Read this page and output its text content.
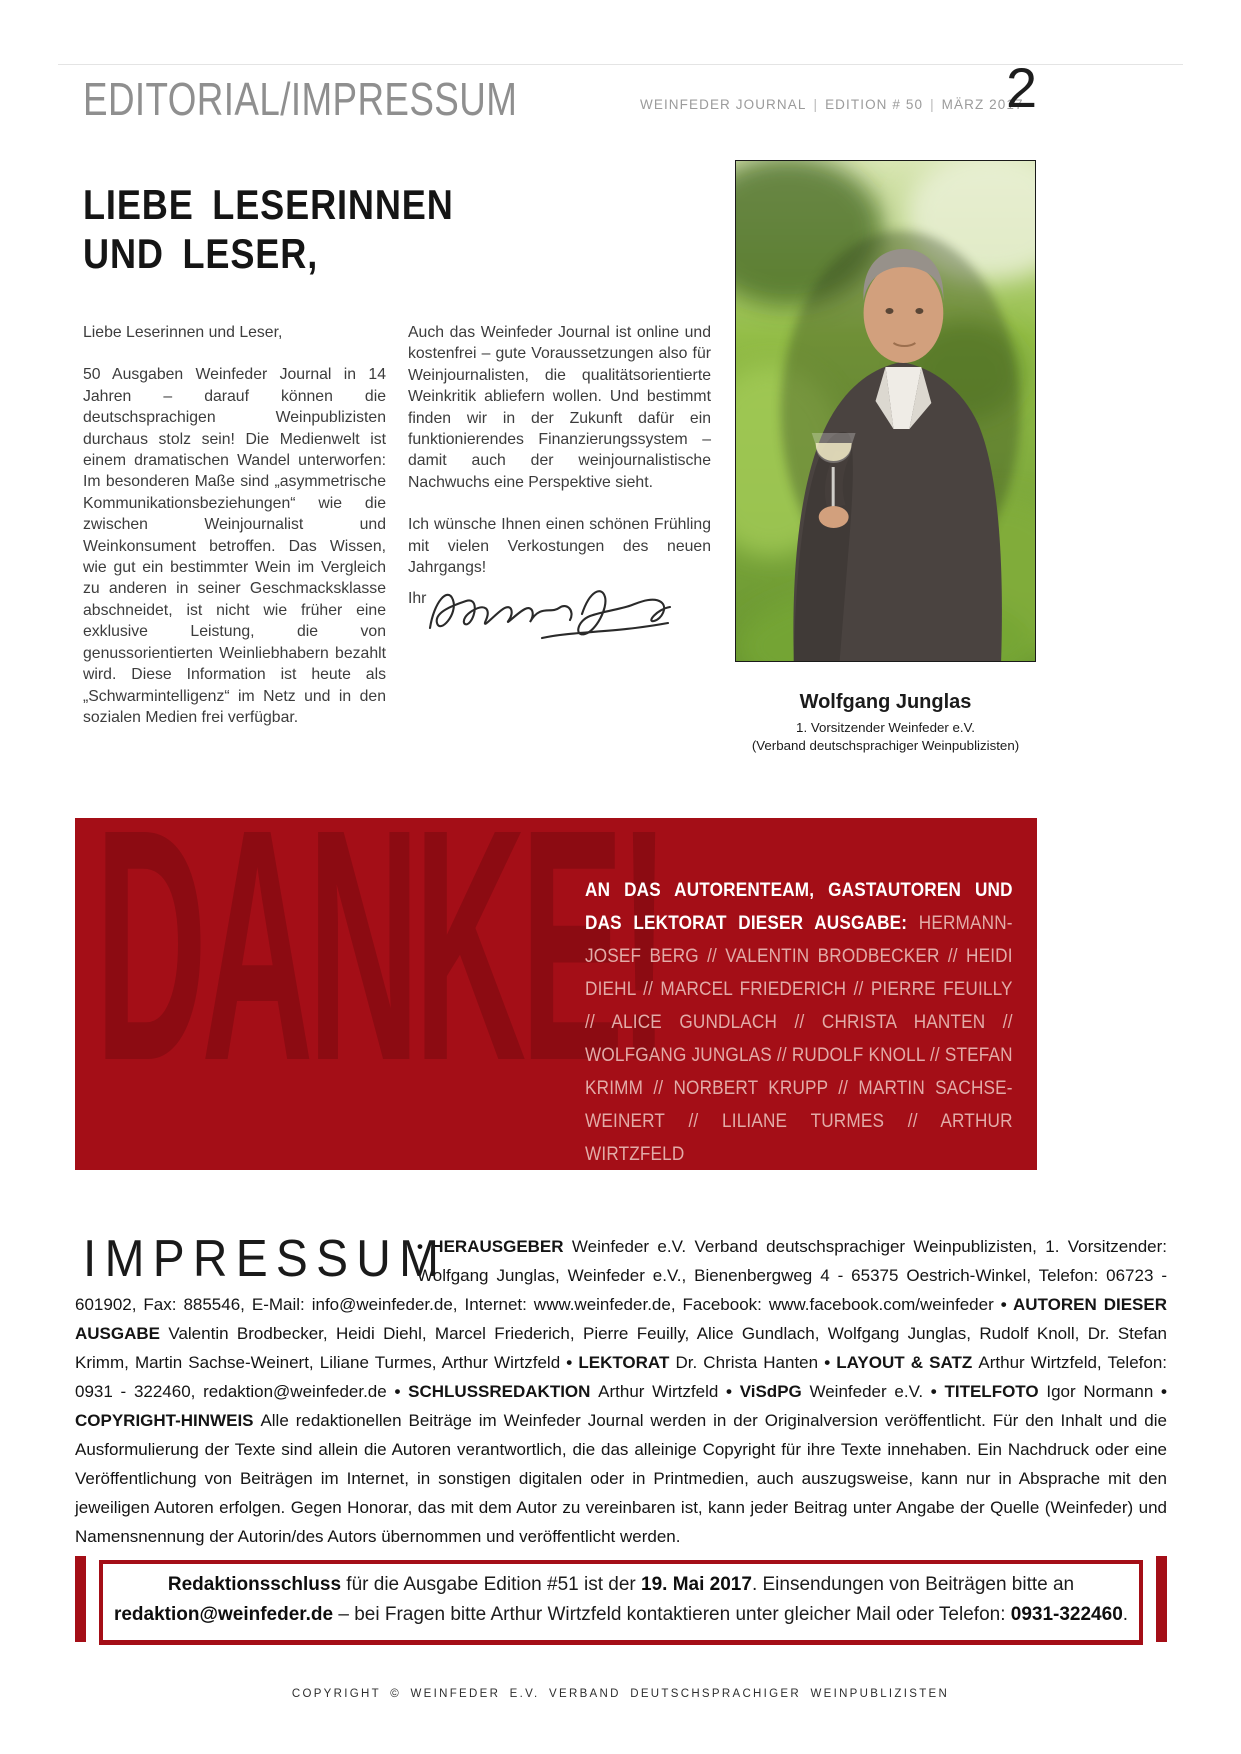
EDITORIAL/IMPRESSUM	WEINFEDER JOURNAL | EDITION # 50 | MÄRZ 2017
2
LIEBE LESERINNEN
UND LESER,

Liebe Leserinnen und Leser,

50 Ausgaben Weinfeder Journal in 14 Jahren – darauf können die deutschsprachigen Weinpublizisten durchaus stolz sein! Die Medienwelt ist einem dramatischen Wandel unterworfen: Im besonderen Maße sind „asymmetrische Kommunikationsbeziehungen“ wie die zwischen Weinjournalist und Weinkonsument betroffen. Das Wissen, wie gut ein bestimmter Wein im Vergleich zu anderen in seiner Geschmacksklasse abschneidet, ist nicht wie früher eine exklusive Leistung, die von genussorientierten Weinliebhabern bezahlt wird. Diese Information ist heute als „Schwarmintelligenz“ im Netz und in den sozialen Medien frei verfügbar.

Auch das Weinfeder Journal ist online und kostenfrei – gute Voraussetzungen also für Weinjournalisten, die qualitätsorientierte Weinkritik abliefern wollen. Und bestimmt finden wir in der Zukunft dafür ein funktionierendes Finanzierungssystem – damit auch der weinjournalistische Nachwuchs eine Perspektive sieht.

Ich wünsche Ihnen einen schönen Frühling mit vielen Verkostungen des neuen Jahrgangs!

Ihr
Wolfgang Junglas
1. Vorsitzender Weinfeder e.V.
(Verband deutschsprachiger Weinpublizisten)
DANKE!
AN DAS AUTORENTEAM, GASTAUTOREN UND DAS LEKTORAT DIESER AUSGABE: HERMANN-JOSEF BERG // VALENTIN BRODBECKER // HEIDI DIEHL // MARCEL FRIEDERICH // PIERRE FEUILLY // ALICE GUNDLACH // CHRISTA HANTEN // WOLFGANG JUNGLAS // RUDOLF KNOLL // STEFAN KRIMM // NORBERT KRUPP // MARTIN SACHSE-WEINERT // LILIANE TURMES // ARTHUR WIRTZFELD
IMPRESSUM
• HERAUSGEBER Weinfeder e.V. Verband deutschsprachiger Weinpublizisten, 1. Vorsitzender: Wolfgang Junglas, Weinfeder e.V., Bienenbergweg 4 - 65375 Oestrich-Winkel, Telefon: 06723 - 601902, Fax: 885546, E-Mail: info@weinfeder.de, Internet: www.weinfeder.de, Facebook: www.facebook.com/weinfeder • AUTOREN DIESER AUSGABE Valentin Brodbecker, Heidi Diehl, Marcel Friederich, Pierre Feuilly, Alice Gundlach, Wolfgang Junglas, Rudolf Knoll, Dr. Stefan Krimm, Martin Sachse-Weinert, Liliane Turmes, Arthur Wirtzfeld • LEKTORAT Dr. Christa Hanten • LAYOUT & SATZ Arthur Wirtzfeld, Telefon: 0931 - 322460, redaktion@weinfeder.de • SCHLUSSREDAKTION Arthur Wirtzfeld • ViSdPG Weinfeder e.V. • TITELFOTO Igor Normann • COPYRIGHT-HINWEIS Alle redaktionellen Beiträge im Weinfeder Journal werden in der Originalversion veröffentlicht. Für den Inhalt und die Ausformulierung der Texte sind allein die Autoren verantwortlich, die das alleinige Copyright für ihre Texte innehaben. Ein Nachdruck oder eine Veröffentlichung von Beiträgen im Internet, in sonstigen digitalen oder in Printmedien, auch auszugsweise, kann nur in Absprache mit den jeweiligen Autoren erfolgen. Gegen Honorar, das mit dem Autor zu vereinbaren ist, kann jeder Beitrag unter Angabe der Quelle (Weinfeder) und Namensnennung der Autorin/des Autors übernommen und veröffentlicht werden.
Redaktionsschluss für die Ausgabe Edition #51 ist der 19. Mai 2017. Einsendungen von Beiträgen bitte an
redaktion@weinfeder.de – bei Fragen bitte Arthur Wirtzfeld kontaktieren unter gleicher Mail oder Telefon: 0931-322460.
COPYRIGHT © WEINFEDER E.V. VERBAND DEUTSCHSPRACHIGER WEINPUBLIZISTEN
